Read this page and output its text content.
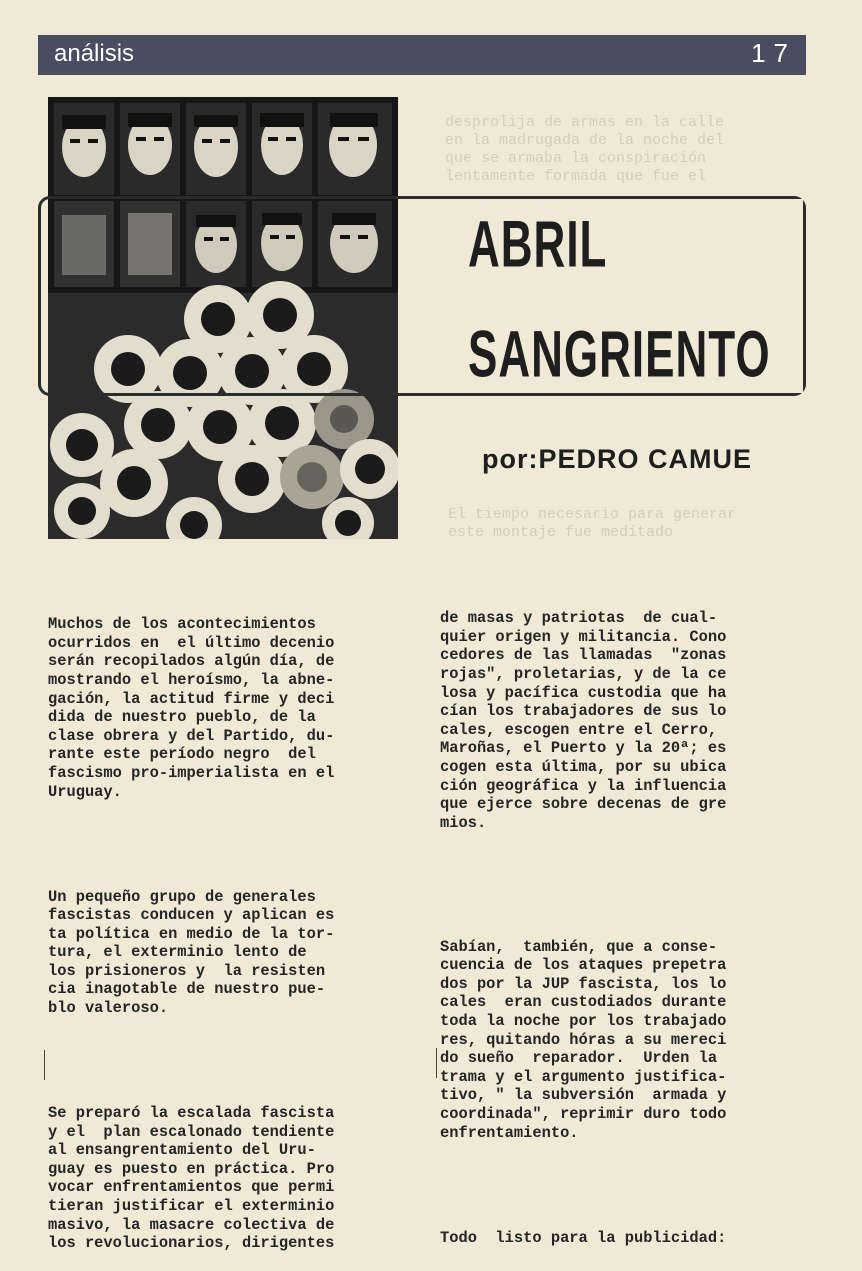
desprolija de armas en la calle
en la madrugada de la noche del
que se armaba la conspiración
lentamente formada que fue el

El tiempo necesario para generar
este montaje fue meditado

análisis	17
ABRIL
SANGRIENTO
por:PEDRO CAMUE

Muchos de los acontecimientos
ocurridos en  el último decenio
serán recopilados algún día, de
mostrando el heroísmo, la abne-
gación, la actitud firme y deci
dida de nuestro pueblo, de la
clase obrera y del Partido, du-
rante este período negro  del
fascismo pro-imperialista en el
Uruguay.

Un pequeño grupo de generales
fascistas conducen y aplican es
ta política en medio de la tor-
tura, el exterminio lento de
los prisioneros y  la resisten
cia inagotable de nuestro pue-
blo valeroso.

Se preparó la escalada fascista
y el  plan escalonado tendiente
al ensangrentamiento del Uru-
guay es puesto en práctica. Pro
vocar enfrentamientos que permi
tieran justificar el exterminio
masivo, la masacre colectiva de
los revolucionarios, dirigentes

de masas y patriotas  de cual-
quier origen y militancia. Cono
cedores de las llamadas  "zonas
rojas", proletarias, y de la ce
losa y pacífica custodia que ha
cían los trabajadores de sus lo
cales, escogen entre el Cerro,
Maroñas, el Puerto y la 20ª; es
cogen esta última, por su ubica
ción geográfica y la influencia
que ejerce sobre decenas de gre
mios.

Sabían,  también, que a conse-
cuencia de los ataques prepetra
dos por la JUP fascista, los lo
cales  eran custodiados durante
toda la noche por los trabajado
res, quitando hóras a su mereci
do sueño  reparador.  Urden la
trama y el argumento justifica-
tivo, " la subversión  armada y
coordinada", reprimir duro todo
enfrentamiento.

Todo  listo para la publicidad:
